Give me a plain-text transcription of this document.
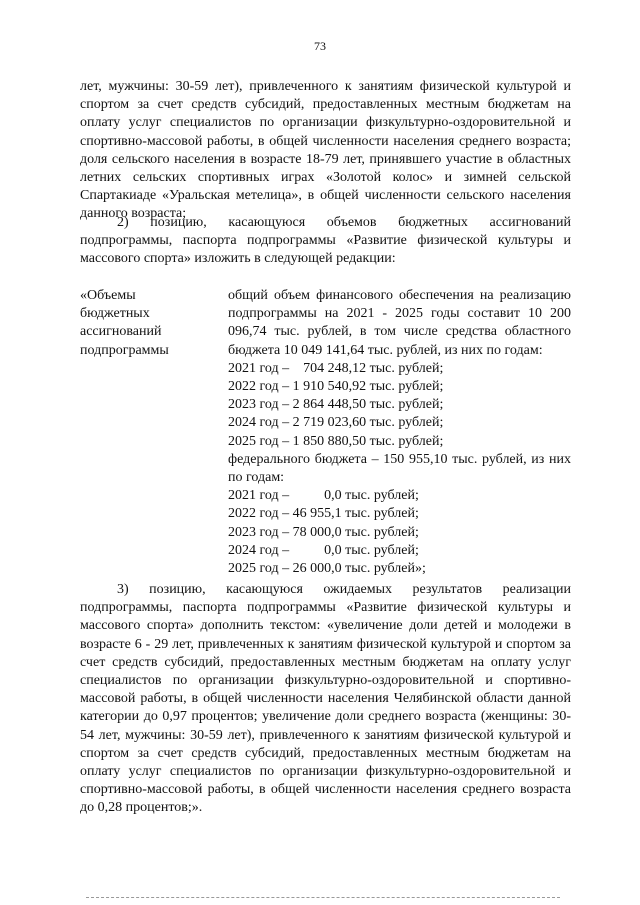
73

лет, мужчины: 30-59 лет), привлеченного к занятиям физической культурой и спортом за счет средств субсидий, предоставленных местным бюджетам на оплату услуг специалистов по организации физкультурно-оздоровительной и спортивно-массовой работы, в общей численности населения среднего возраста; доля сельского населения в возрасте 18-79 лет, принявшего участие в областных летних сельских спортивных играх «Золотой колос» и зимней сельской Спартакиаде «Уральская метелица», в общей численности сельского населения данного возраста;

2) позицию, касающуюся объемов бюджетных ассигнований подпрограммы, паспорта подпрограммы «Развитие физической культуры и массового спорта» изложить в следующей редакции:

«Объемы
бюджетных
ассигнований
подпрограммы

общий объем финансового обеспечения на реализацию подпрограммы на 2021 - 2025 годы составит 10 200 096,74 тыс. рублей, в том числе средства областного бюджета 10 049 141,64 тыс. рублей, из них по годам:

2021 год –    704 248,12 тыс. рублей;
2022 год – 1 910 540,92 тыс. рублей;
2023 год – 2 864 448,50 тыс. рублей;
2024 год – 2 719 023,60 тыс. рублей;
2025 год – 1 850 880,50 тыс. рублей;

федерального бюджета – 150 955,10 тыс. рублей, из них по годам:

2021 год –          0,0 тыс. рублей;
2022 год – 46 955,1 тыс. рублей;
2023 год – 78 000,0 тыс. рублей;
2024 год –          0,0 тыс. рублей;
2025 год – 26 000,0 тыс. рублей»;

3) позицию, касающуюся ожидаемых результатов реализации подпрограммы, паспорта подпрограммы «Развитие физической культуры и массового спорта» дополнить текстом: «увеличение доли детей и молодежи в возрасте 6 - 29 лет, привлеченных к занятиям физической культурой и спортом за счет средств субсидий, предоставленных местным бюджетам на оплату услуг специалистов по организации физкультурно-оздоровительной и спортивно-массовой работы, в общей численности населения Челябинской области данной категории до 0,97 процентов; увеличение доли среднего возраста (женщины: 30-54 лет, мужчины: 30-59 лет), привлеченного к занятиям физической культурой и спортом за счет средств субсидий, предоставленных местным бюджетам на оплату услуг специалистов по организации физкультурно-оздоровительной и спортивно-массовой работы, в общей численности населения среднего возраста до 0,28 процентов;».
